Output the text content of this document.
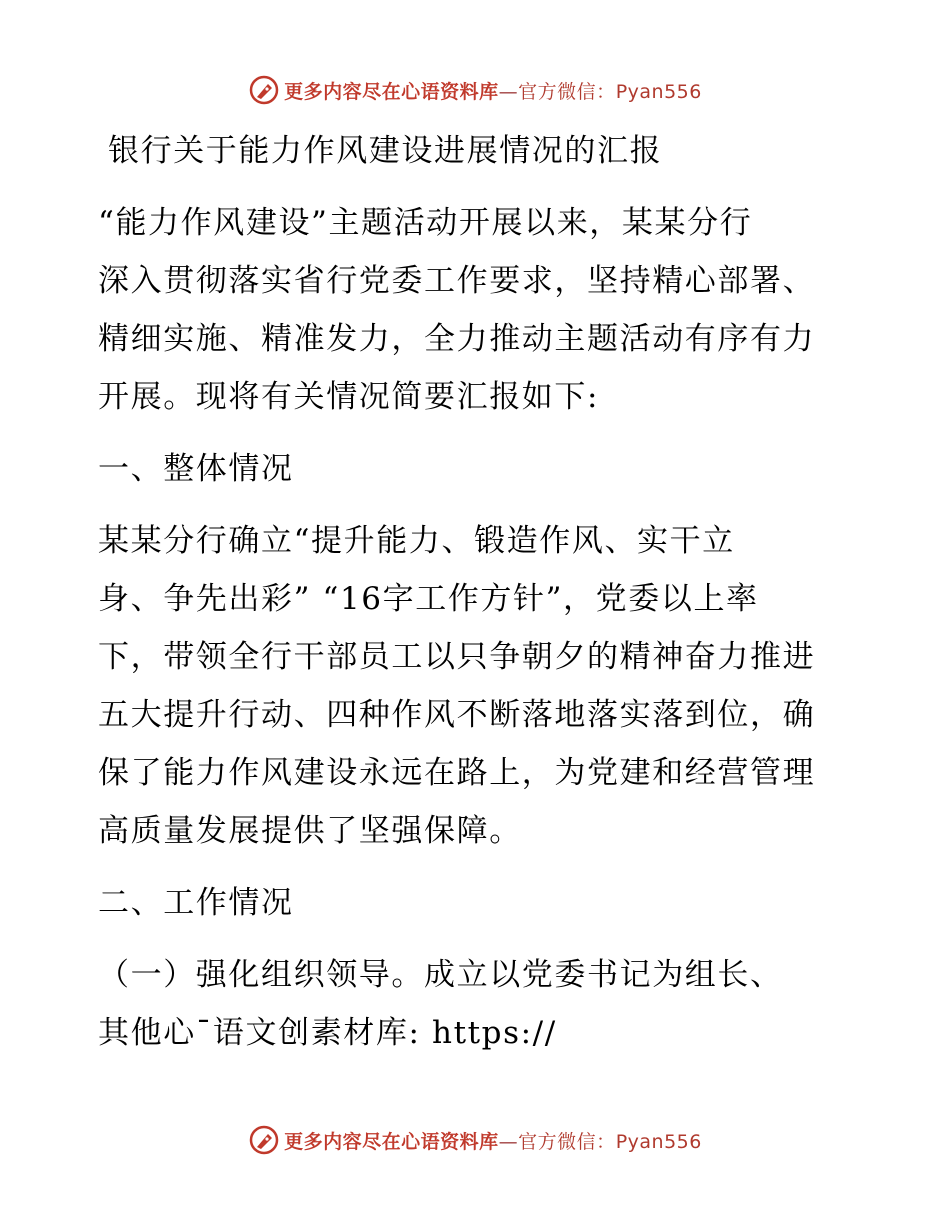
更多内容尽在心语资料库—官方微信：Pyan556
银行关于能力作风建设进展情况的汇报
“能力作风建设”主题活动开展以来，某某分行
深入贯彻落实省行党委工作要求，坚持精心部署、
精细实施、精准发力，全力推动主题活动有序有力
开展。现将有关情况简要汇报如下:
一、整体情况
某某分行确立“提升能力、锻造作风、实干立
身、争先出彩” “16字工作方针”，党委以上率
下，带领全行干部员工以只争朝夕的精神奋力推进
五大提升行动、四种作风不断落地落实落到位，确
保了能力作风建设永远在路上，为党建和经营管理
高质量发展提供了坚强保障。
二、工作情况
（一）强化组织领导。成立以党委书记为组长、
其他心¯语文创素材库: https://
更多内容尽在心语资料库—官方微信：Pyan556
